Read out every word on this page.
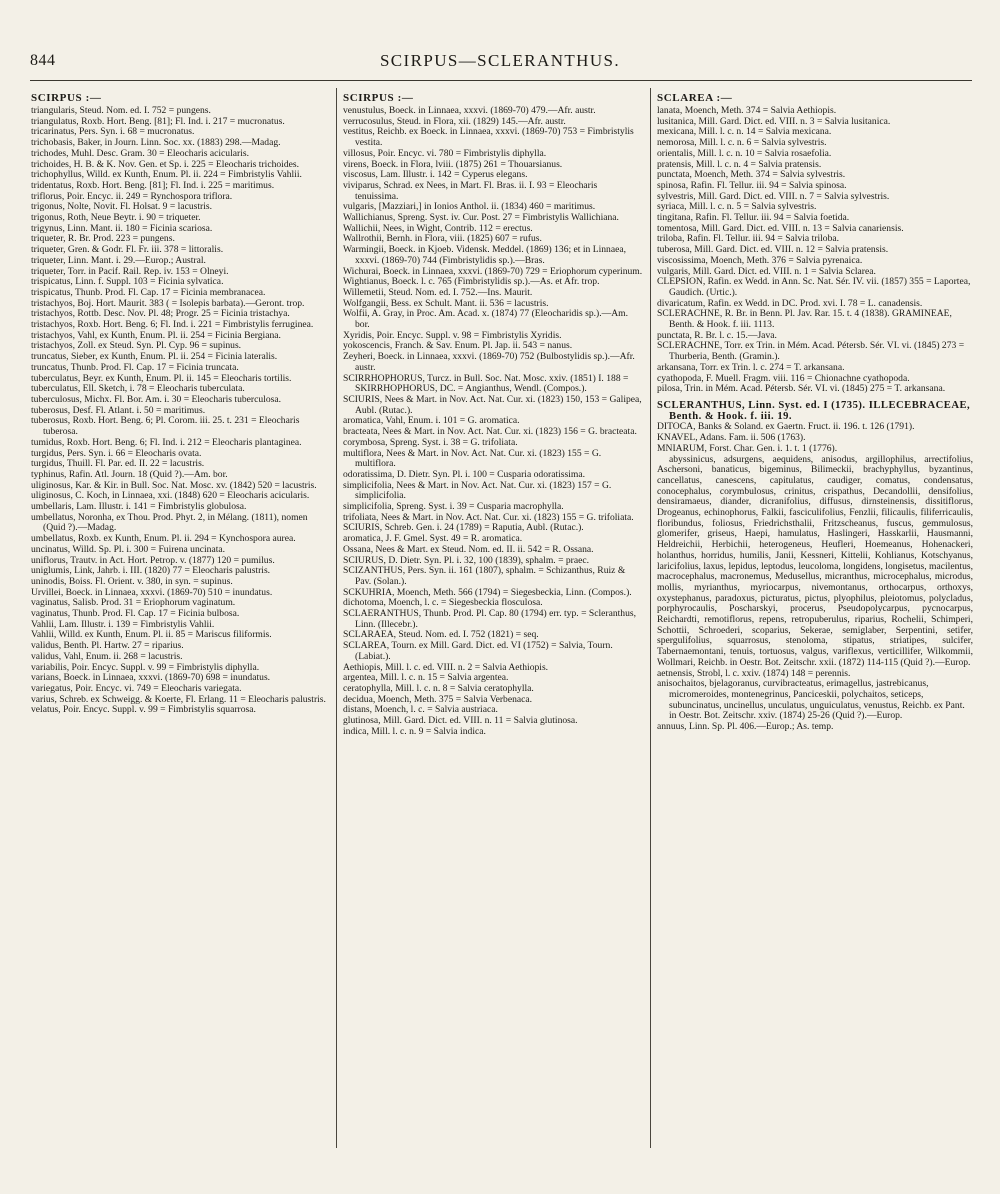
844	SCIRPUS—SCLERANTHUS.
SCIRPUS :—

triangularis, Steud. Nom. ed. I. 752 = pungens.

triangulatus, Roxb. Hort. Beng. [81]; Fl. Ind. i. 217 = mucronatus.

tricarinatus, Pers. Syn. i. 68 = mucronatus.

trichobasis, Baker, in Journ. Linn. Soc. xx. (1883) 298.—Madag.

trichodes, Muhl. Desc. Gram. 30 = Eleocharis acicularis.

trichoides, H. B. & K. Nov. Gen. et Sp. i. 225 = Eleocharis trichoides.

trichophyllus, Willd. ex Kunth, Enum. Pl. ii. 224 = Fimbristylis Vahlii.

tridentatus, Roxb. Hort. Beng. [81]; Fl. Ind. i. 225 = maritimus.

triflorus, Poir. Encyc. ii. 249 = Rynchospora triflora.

trigonus, Nolte, Novit. Fl. Holsat. 9 = lacustris.

trigonus, Roth, Neue Beytr. i. 90 = triqueter.

trigynus, Linn. Mant. ii. 180 = Ficinia scariosa.

triqueter, R. Br. Prod. 223 = pungens.

triqueter, Gren. & Godr. Fl. Fr. iii. 378 = littoralis.

triqueter, Linn. Mant. i. 29.—Europ.; Austral.

triqueter, Torr. in Pacif. Rail. Rep. iv. 153 = Olneyi.

trispicatus, Linn. f. Suppl. 103 = Ficinia sylvatica.

trispicatus, Thunb. Prod. Fl. Cap. 17 = Ficinia membranacea.

tristachyos, Boj. Hort. Maurit. 383 ( = Isolepis barbata).—Geront. trop.

tristachyos, Rottb. Desc. Nov. Pl. 48; Progr. 25 = Ficinia tristachya.

tristachyos, Roxb. Hort. Beng. 6; Fl. Ind. i. 221 = Fimbristylis ferruginea.

tristachyos, Vahl, ex Kunth, Enum. Pl. ii. 254 = Ficinia Bergiana.

tristachyos, Zoll. ex Steud. Syn. Pl. Cyp. 96 = supinus.

truncatus, Sieber, ex Kunth, Enum. Pl. ii. 254 = Ficinia lateralis.

truncatus, Thunb. Prod. Fl. Cap. 17 = Ficinia truncata.

tuberculatus, Beyr. ex Kunth, Enum. Pl. ii. 145 = Eleocharis tortilis.

tuberculatus, Ell. Sketch, i. 78 = Eleocharis tuberculata.

tuberculosus, Michx. Fl. Bor. Am. i. 30 = Eleocharis tuberculosa.

tuberosus, Desf. Fl. Atlant. i. 50 = maritimus.

tuberosus, Roxb. Hort. Beng. 6; Pl. Corom. iii. 25. t. 231 = Eleocharis tuberosa.

tumidus, Roxb. Hort. Beng. 6; Fl. Ind. i. 212 = Eleocharis plantaginea.

turgidus, Pers. Syn. i. 66 = Eleocharis ovata.

turgidus, Thuill. Fl. Par. ed. II. 22 = lacustris.

typhinus, Rafin. Atl. Journ. 18 (Quid ?).—Am. bor.

uliginosus, Kar. & Kir. in Bull. Soc. Nat. Mosc. xv. (1842) 520 = lacustris.

uliginosus, C. Koch, in Linnaea, xxi. (1848) 620 = Eleocharis acicularis.

umbellaris, Lam. Illustr. i. 141 = Fimbristylis globulosa.

umbellatus, Noronha, ex Thou. Prod. Phyt. 2, in Mélang. (1811), nomen (Quid ?).—Madag.

umbellatus, Roxb. ex Kunth, Enum. Pl. ii. 294 = Kynchospora aurea.

uncinatus, Willd. Sp. Pl. i. 300 = Fuirena uncinata.

uniflorus, Trautv. in Act. Hort. Petrop. v. (1877) 120 = pumilus.

uniglumis, Link, Jahrb. i. III. (1820) 77 = Eleocharis palustris.

uninodis, Boiss. Fl. Orient. v. 380, in syn. = supinus.

Urvillei, Boeck. in Linnaea, xxxvi. (1869-70) 510 = inundatus.

vaginatus, Salisb. Prod. 31 = Eriophorum vaginatum.

vaginatus, Thunb. Prod. Fl. Cap. 17 = Ficinia bulbosa.

Vahlii, Lam. Illustr. i. 139 = Fimbristylis Vahlii.

Vahlii, Willd. ex Kunth, Enum. Pl. ii. 85 = Mariscus filiformis.

validus, Benth. Pl. Hartw. 27 = riparius.

validus, Vahl, Enum. ii. 268 = lacustris.

variabilis, Poir. Encyc. Suppl. v. 99 = Fimbristylis diphylla.

varians, Boeck. in Linnaea, xxxvi. (1869-70) 698 = inundatus.

variegatus, Poir. Encyc. vi. 749 = Eleocharis variegata.

varius, Schreb. ex Schweigg. & Koerte, Fl. Erlang. 11 = Eleocharis palustris.

velatus, Poir. Encyc. Suppl. v. 99 = Fimbristylis squarrosa.

SCIRPUS :—

venustulus, Boeck. in Linnaea, xxxvi. (1869-70) 479.—Afr. austr.

verrucosulus, Steud. in Flora, xii. (1829) 145.—Afr. austr.

vestitus, Reichb. ex Boeck. in Linnaea, xxxvi. (1869-70) 753 = Fimbristylis vestita.

villosus, Poir. Encyc. vi. 780 = Fimbristylis diphylla.

virens, Boeck. in Flora, lviii. (1875) 261 = Thouarsianus.

viscosus, Lam. Illustr. i. 142 = Cyperus elegans.

viviparus, Schrad. ex Nees, in Mart. Fl. Bras. ii. I. 93 = Eleocharis tenuissima.

vulgaris, [Mazziari,] in Ionios Anthol. ii. (1834) 460 = maritimus.

Wallichianus, Spreng. Syst. iv. Cur. Post. 27 = Fimbristylis Wallichiana.

Wallichii, Nees, in Wight, Contrib. 112 = erectus.

Wallrothii, Bernh. in Flora, viii. (1825) 607 = rufus.

Warmingii, Boeck. in Kjoeb. Vidensk. Meddel. (1869) 136; et in Linnaea, xxxvi. (1869-70) 744 (Fimbristylidis sp.).—Bras.

Wichurai, Boeck. in Linnaea, xxxvi. (1869-70) 729 = Eriophorum cyperinum.

Wightianus, Boeck. l. c. 765 (Fimbristylidis sp.).—As. et Afr. trop.

Willemetii, Steud. Nom. ed. I. 752.—Ins. Maurit.

Wolfgangii, Bess. ex Schult. Mant. ii. 536 = lacustris.

Wolfii, A. Gray, in Proc. Am. Acad. x. (1874) 77 (Eleocharidis sp.).—Am. bor.

Xyridis, Poir. Encyc. Suppl. v. 98 = Fimbristylis Xyridis.

yokoscencis, Franch. & Sav. Enum. Pl. Jap. ii. 543 = nanus.

Zeyheri, Boeck. in Linnaea, xxxvi. (1869-70) 752 (Bulbostylidis sp.).—Afr. austr.

SCIRRHOPHORUS, Turcz. in Bull. Soc. Nat. Mosc. xxiv. (1851) I. 188 = SKIRRHOPHORUS, DC. = Angianthus, Wendl. (Compos.).

SCIURIS, Nees & Mart. in Nov. Act. Nat. Cur. xi. (1823) 150, 153 = Galipea, Aubl. (Rutac.).

aromatica, Vahl, Enum. i. 101 = G. aromatica.

bracteata, Nees & Mart. in Nov. Act. Nat. Cur. xi. (1823) 156 = G. bracteata.

corymbosa, Spreng. Syst. i. 38 = G. trifoliata.

multiflora, Nees & Mart. in Nov. Act. Nat. Cur. xi. (1823) 155 = G. multiflora.

odoratissima, D. Dietr. Syn. Pl. i. 100 = Cusparia odoratissima.

simplicifolia, Nees & Mart. in Nov. Act. Nat. Cur. xi. (1823) 157 = G. simplicifolia.

simplicifolia, Spreng. Syst. i. 39 = Cusparia macrophylla.

trifoliata, Nees & Mart. in Nov. Act. Nat. Cur. xi. (1823) 155 = G. trifoliata.

SCIURIS, Schreb. Gen. i. 24 (1789) = Raputia, Aubl. (Rutac.).

aromatica, J. F. Gmel. Syst. 49 = R. aromatica.

Ossana, Nees & Mart. ex Steud. Nom. ed. II. ii. 542 = R. Ossana.

SCIURUS, D. Dietr. Syn. Pl. i. 32, 100 (1839), sphalm. = praec.

SCIZANTHUS, Pers. Syn. ii. 161 (1807), sphalm. = Schizanthus, Ruiz & Pav. (Solan.).

SCKUHRIA, Moench, Meth. 566 (1794) = Siegesbeckia, Linn. (Compos.).

dichotoma, Moench, l. c. = Siegesbeckia flosculosa.

SCLAERANTHUS, Thunb. Prod. Pl. Cap. 80 (1794) err. typ. = Scleranthus, Linn. (Illecebr.).

SCLARAEA, Steud. Nom. ed. I. 752 (1821) = seq.

SCLAREA, Tourn. ex Mill. Gard. Dict. ed. VI (1752) = Salvia, Tourn. (Labiat.).

Aethiopis, Mill. l. c. ed. VIII. n. 2 = Salvia Aethiopis.

argentea, Mill. l. c. n. 15 = Salvia argentea.

ceratophylla, Mill. l. c. n. 8 = Salvia ceratophylla.

decidua, Moench, Meth. 375 = Salvia Verbenaca.

distans, Moench, l. c. = Salvia austriaca.

glutinosa, Mill. Gard. Dict. ed. VIII. n. 11 = Salvia glutinosa.

indica, Mill. l. c. n. 9 = Salvia indica.

SCLAREA :—

lanata, Moench, Meth. 374 = Salvia Aethiopis.

lusitanica, Mill. Gard. Dict. ed. VIII. n. 3 = Salvia lusitanica.

mexicana, Mill. l. c. n. 14 = Salvia mexicana.

nemorosa, Mill. l. c. n. 6 = Salvia sylvestris.

orientalis, Mill. l. c. n. 10 = Salvia rosaefolia.

pratensis, Mill. l. c. n. 4 = Salvia pratensis.

punctata, Moench, Meth. 374 = Salvia sylvestris.

spinosa, Rafin. Fl. Tellur. iii. 94 = Salvia spinosa.

sylvestris, Mill. Gard. Dict. ed. VIII. n. 7 = Salvia sylvestris.

syriaca, Mill. l. c. n. 5 = Salvia sylvestris.

tingitana, Rafin. Fl. Tellur. iii. 94 = Salvia foetida.

tomentosa, Mill. Gard. Dict. ed. VIII. n. 13 = Salvia canariensis.

triloba, Rafin. Fl. Tellur. iii. 94 = Salvia triloba.

tuberosa, Mill. Gard. Dict. ed. VIII. n. 12 = Salvia pratensis.

viscosissima, Moench, Meth. 376 = Salvia pyrenaica.

vulgaris, Mill. Gard. Dict. ed. VIII. n. 1 = Salvia Sclarea.

CLEPSION, Rafin. ex Wedd. in Ann. Sc. Nat. Sér. IV. vii. (1857) 355 = Laportea, Gaudich. (Urtic.).

divaricatum, Rafin. ex Wedd. in DC. Prod. xvi. I. 78 = L. canadensis.

SCLERACHNE, R. Br. in Benn. Pl. Jav. Rar. 15. t. 4 (1838). GRAMINEAE, Benth. & Hook. f. iii. 1113.

punctata, R. Br. l. c. 15.—Java.

SCLERACHNE, Torr. ex Trin. in Mém. Acad. Pétersb. Sér. VI. vi. (1845) 273 = Thurberia, Benth. (Gramin.).

arkansana, Torr. ex Trin. l. c. 274 = T. arkansana.

cyathopoda, F. Muell. Fragm. viii. 116 = Chionachne cyathopoda.

pilosa, Trin. in Mém. Acad. Pétersb. Sér. VI. vi. (1845) 275 = T. arkansana.

SCLERANTHUS, Linn. Syst. ed. I (1735). ILLECEBRACEAE, Benth. & Hook. f. iii. 19.

DITOCA, Banks & Soland. ex Gaertn. Fruct. ii. 196. t. 126 (1791).

KNAVEL, Adans. Fam. ii. 506 (1763).

MNIARUM, Forst. Char. Gen. i. 1. t. 1 (1776).

abyssinicus, adsurgens, aequidens, anisodus, argillophilus, arrectifolius, Aschersoni, banaticus, bigeminus, Bilimeckii, brachyphyllus, byzantinus, cancellatus, canescens, capitulatus, caudiger, comatus, condensatus, conocephalus, corymbulosus, crinitus, crispathus, Decandollii, densifolius, densiramaeus, diander, dicranifolius, diffusus, dirnsteinensis, dissitiflorus, Drogeanus, echinophorus, Falkii, fasciculifolius, Fenzlii, filicaulis, filiferricaulis, floribundus, foliosus, Friedrichsthalii, Fritzscheanus, fuscus, gemmulosus, glomerifer, griseus, Haepi, hamulatus, Haslingeri, Hasskarlii, Hausmanni, Heldreichii, Herbichii, heterogeneus, Heufleri, Hoemeanus, Hohenackeri, holanthus, horridus, humilis, Janii, Kessneri, Kittelii, Kohlianus, Kotschyanus, laricifolius, laxus, lepidus, leptodus, leucoloma, longidens, longisetus, macilentus, macrocephalus, macronemus, Medusellus, micranthus, microcephalus, microdus, mollis, myrianthus, myriocarpus, nivemontanus, orthocarpus, orthoxys, oxystephanus, paradoxus, picturatus, pictus, plyophilus, pleiotomus, polycladus, porphyrocaulis, Poscharskyi, procerus, Pseudopolycarpus, pycnocarpus, Reichardti, remotiflorus, repens, retropuberulus, riparius, Rochelii, Schimperi, Schottii, Schroederi, scoparius, Sekerae, semiglaber, Serpentini, setifer, spergulifolius, squarrosus, stenoloma, stipatus, striatipes, sulcifer, Tabernaemontani, tenuis, tortuosus, valgus, variflexus, verticillifer, Wilkommii, Wollmari, Reichb. in Oestr. Bot. Zeitschr. xxii. (1872) 114-115 (Quid ?).—Europ.

aetnensis, Strobl, l. c. xxiv. (1874) 148 = perennis.

anisochaitos, bjelagoranus, curvibracteatus, erimagellus, jastrebicanus, micromeroides, montenegrinus, Panciceskii, polychaitos, seticeps, subuncinatus, uncinellus, unculatus, unguiculatus, venustus, Reichb. ex Pant. in Oestr. Bot. Zeitschr. xxiv. (1874) 25-26 (Quid ?).—Europ.

annuus, Linn. Sp. Pl. 406.—Europ.; As. temp.
